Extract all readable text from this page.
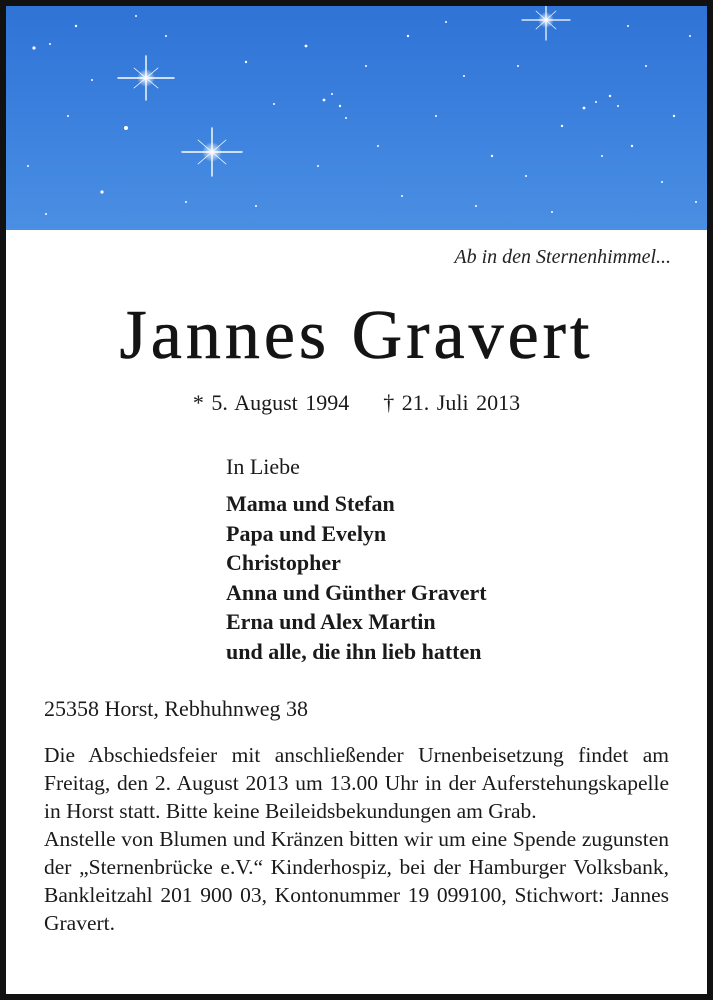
Ab in den Sternenhimmel...
Jannes Gravert
* 5. August 1994 † 21. Juli 2013
In Liebe
Mama und Stefan
Papa und Evelyn
Christopher
Anna und Günther Gravert
Erna und Alex Martin
und alle, die ihn lieb hatten
25358 Horst, Rebhuhnweg 38

Die Abschiedsfeier mit anschließender Urnenbeisetzung findet am Freitag, den 2. August 2013 um 13.00 Uhr in der Auferstehungskapelle in Horst statt. Bitte keine Beileidsbekundungen am Grab.

Anstelle von Blumen und Kränzen bitten wir um eine Spende zugunsten der „Sternenbrücke e.V.“ Kinderhospiz, bei der Hamburger Volksbank, Bankleitzahl 201 900 03, Kontonummer 19 099100, Stichwort: Jannes Gravert.
